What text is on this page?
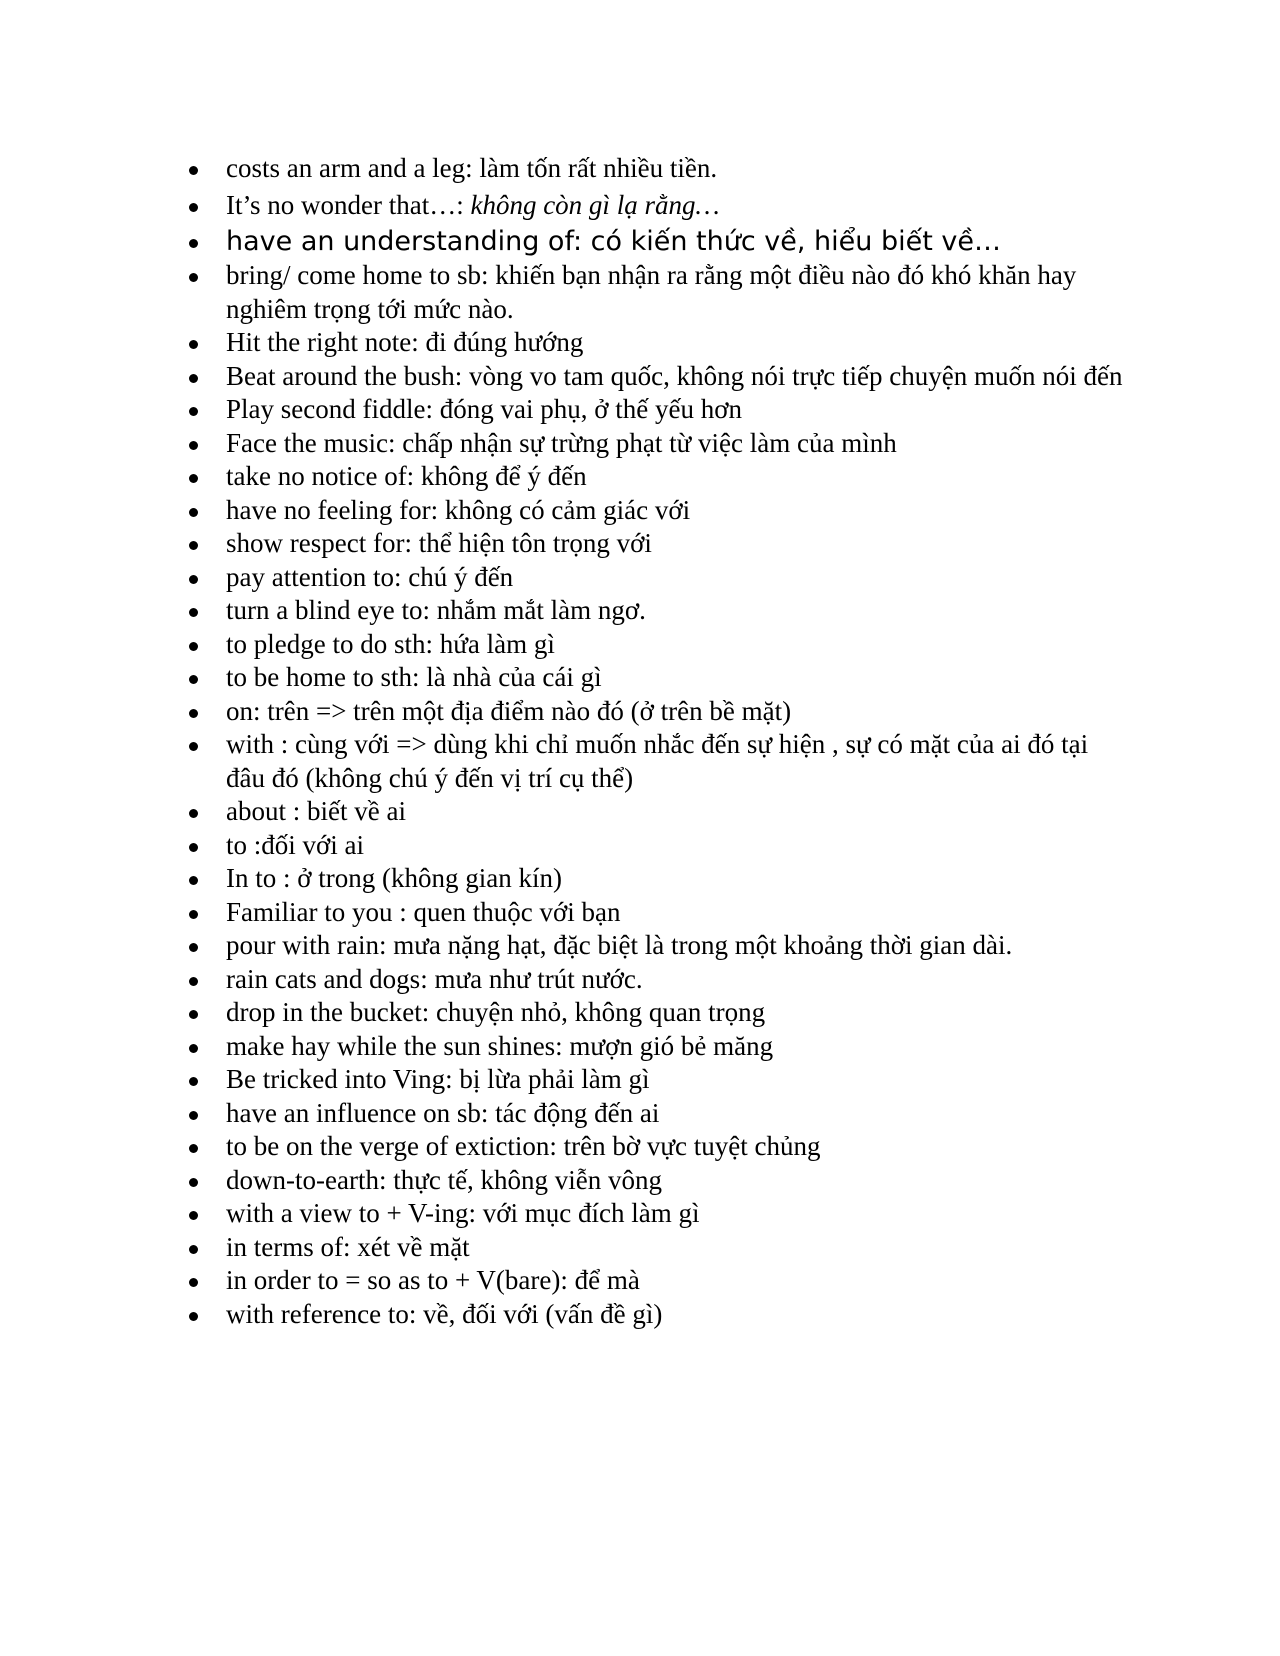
costs an arm and a leg: làm tốn rất nhiều tiền.
It’s no wonder that…: không còn gì lạ rằng…
have an understanding of: có kiến thức về, hiểu biết về…
bring/ come home to sb: khiến bạn nhận ra rằng một điều nào đó khó khăn hay nghiêm trọng tới mức nào.
Hit the right note: đi đúng hướng
Beat around the bush: vòng vo tam quốc, không nói trực tiếp chuyện muốn nói đến
Play second fiddle: đóng vai phụ, ở thế yếu hơn
Face the music: chấp nhận sự trừng phạt từ việc làm của mình
take no notice of: không để ý đến
have no feeling for: không có cảm giác với
show respect for: thể hiện tôn trọng với
pay attention to: chú ý đến
turn a blind eye to: nhắm mắt làm ngơ.
to pledge to do sth: hứa làm gì
to be home to sth: là nhà của cái gì
on: trên => trên một địa điểm nào đó (ở trên bề mặt)
with : cùng với => dùng khi chỉ muốn nhắc đến sự hiện , sự có mặt của ai đó tại đâu đó (không chú ý đến vị trí cụ thể)
about : biết về ai
to :đối với ai
In to : ở trong (không gian kín)
Familiar to you : quen thuộc với bạn
pour with rain: mưa nặng hạt, đặc biệt là trong một khoảng thời gian dài.
rain cats and dogs: mưa như trút nước.
drop in the bucket: chuyện nhỏ, không quan trọng
make hay while the sun shines: mượn gió bẻ măng
Be tricked into Ving: bị lừa phải làm gì
have an influence on sb: tác động đến ai
to be on the verge of extiction: trên bờ vực tuyệt chủng
down-to-earth: thực tế, không viễn vông
with a view to + V-ing: với mục đích làm gì
in terms of: xét về mặt
in order to = so as to + V(bare): để mà
with reference to: về, đối với (vấn đề gì)
